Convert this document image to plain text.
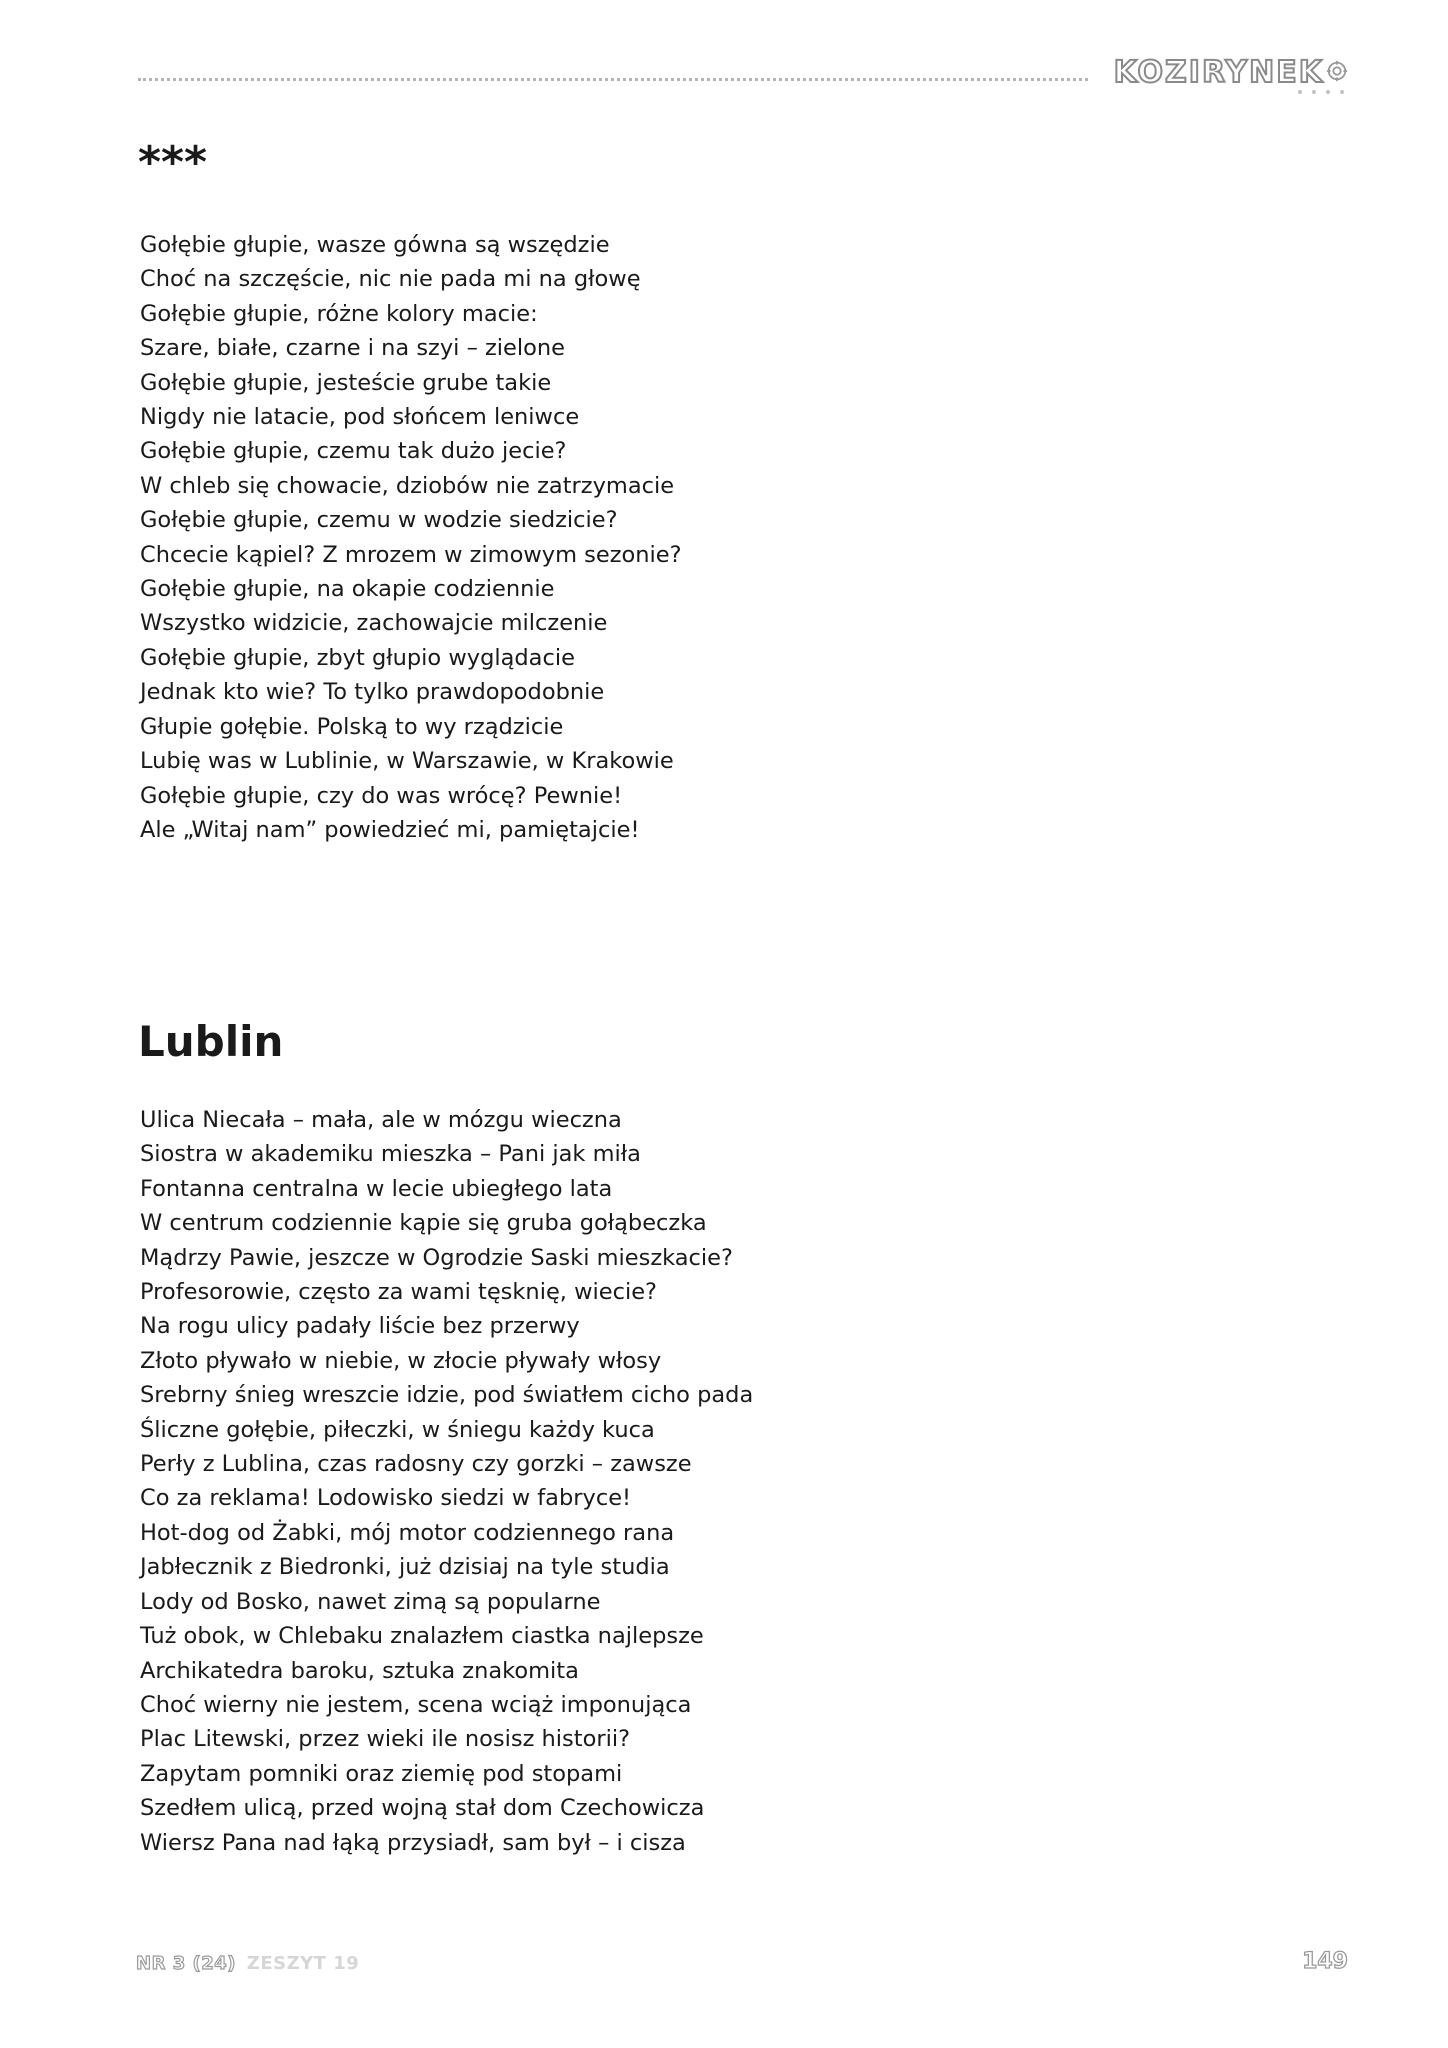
KOZIRYNEK
***
Gołębie głupie, wasze gówna są wszędzie
Choć na szczęście, nic nie pada mi na głowę
Gołębie głupie, różne kolory macie:
Szare, białe, czarne i na szyi – zielone
Gołębie głupie, jesteście grube takie
Nigdy nie latacie, pod słońcem leniwce
Gołębie głupie, czemu tak dużo jecie?
W chleb się chowacie, dziobów nie zatrzymacie
Gołębie głupie, czemu w wodzie siedzicie?
Chcecie kąpiel? Z mrozem w zimowym sezonie?
Gołębie głupie, na okapie codziennie
Wszystko widzicie, zachowajcie milczenie
Gołębie głupie, zbyt głupio wyglądacie
Jednak kto wie? To tylko prawdopodobnie
Głupie gołębie. Polską to wy rządzicie
Lubię was w Lublinie, w Warszawie, w Krakowie
Gołębie głupie, czy do was wrócę? Pewnie!
Ale „Witaj nam” powiedzieć mi, pamiętajcie!
Lublin
Ulica Niecała – mała, ale w mózgu wieczna
Siostra w akademiku mieszka – Pani jak miła
Fontanna centralna w lecie ubiegłego lata
W centrum codziennie kąpie się gruba gołąbeczka
Mądrzy Pawie, jeszcze w Ogrodzie Saski mieszkacie?
Profesorowie, często za wami tęsknię, wiecie?
Na rogu ulicy padały liście bez przerwy
Złoto pływało w niebie, w złocie pływały włosy
Srebrny śnieg wreszcie idzie, pod światłem cicho pada
Śliczne gołębie, piłeczki, w śniegu każdy kuca
Perły z Lublina, czas radosny czy gorzki – zawsze
Co za reklama! Lodowisko siedzi w fabryce!
Hot-dog od Żabki, mój motor codziennego rana
Jabłecznik z Biedronki, już dzisiaj na tyle studia
Lody od Bosko, nawet zimą są popularne
Tuż obok, w Chlebaku znalazłem ciastka najlepsze
Archikatedra baroku, sztuka znakomita
Choć wierny nie jestem, scena wciąż imponująca
Plac Litewski, przez wieki ile nosisz historii?
Zapytam pomniki oraz ziemię pod stopami
Szedłem ulicą, przed wojną stał dom Czechowicza
Wiersz Pana nad łąką przysiadł, sam był – i cisza
NR 3 (24) ZESZYT 19	149
